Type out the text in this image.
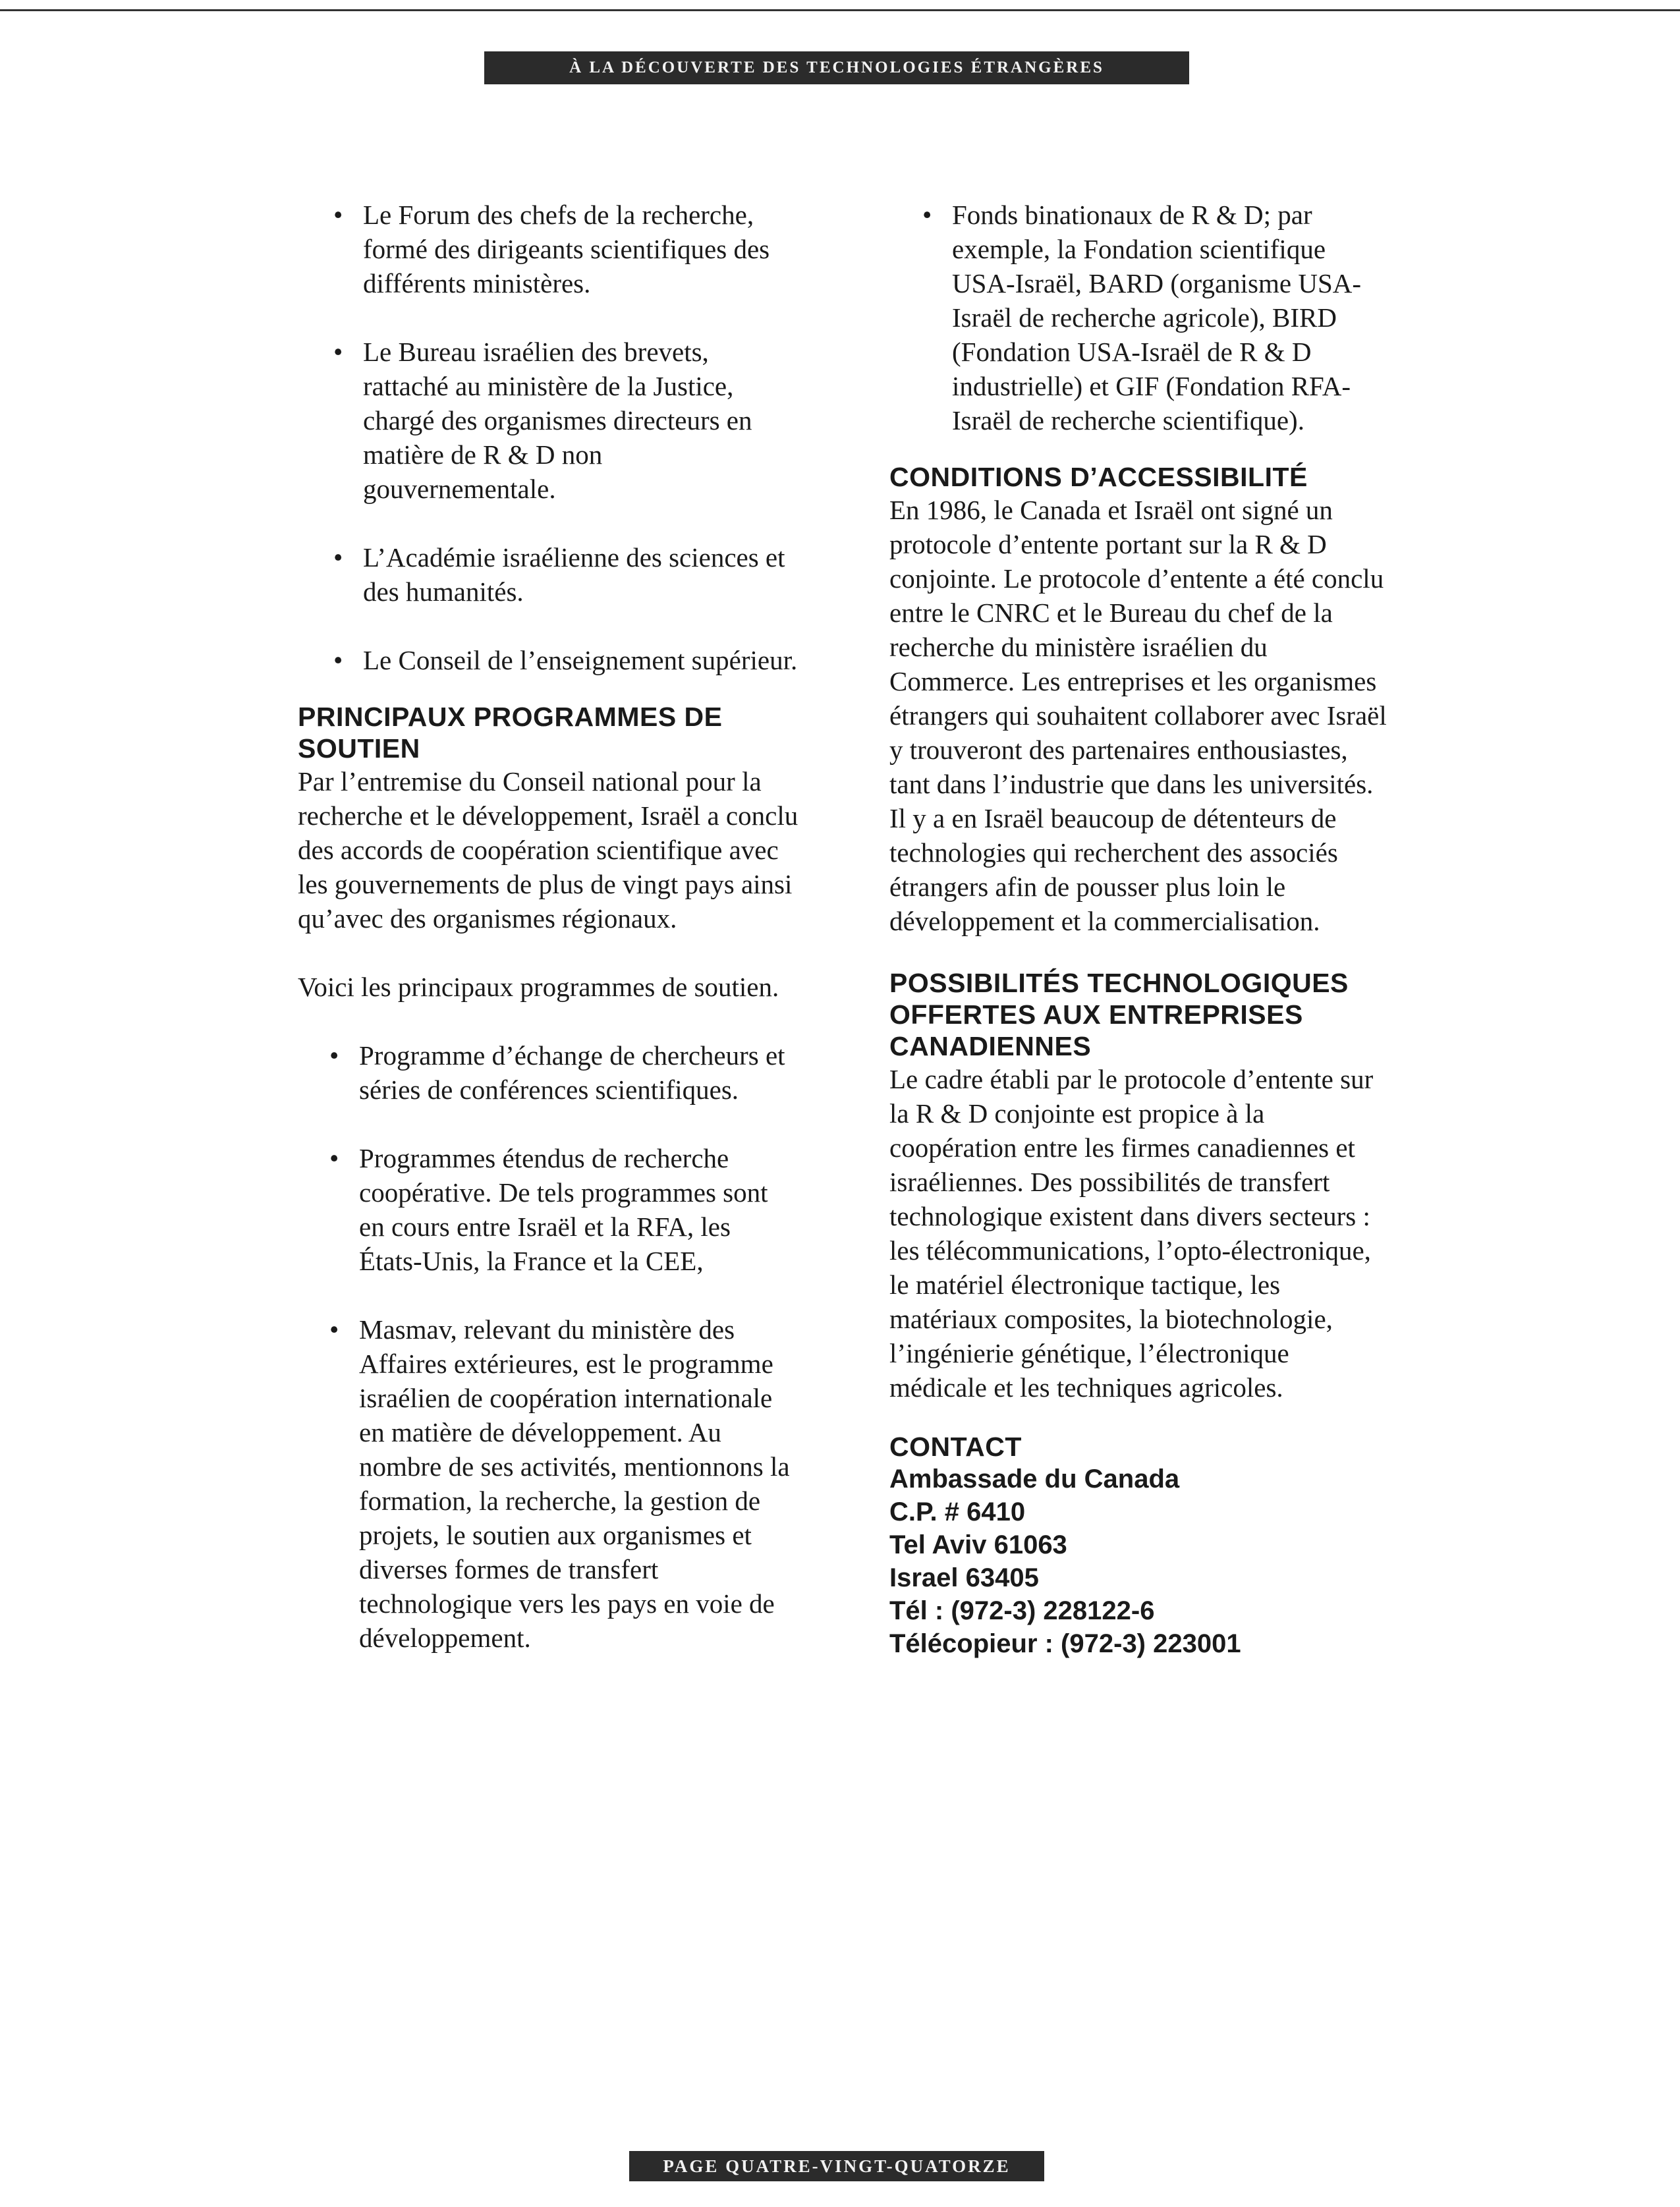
À LA DÉCOUVERTE DES TECHNOLOGIES ÉTRANGÈRES
• Le Forum des chefs de la recherche, formé des dirigeants scientifiques des différents ministères.
• Le Bureau israélien des brevets, rattaché au ministère de la Justice, chargé des organismes directeurs en matière de R & D non gouvernementale.
• L’Académie israélienne des sciences et des humanités.
• Le Conseil de l’enseignement supérieur.
PRINCIPAUX PROGRAMMES DE SOUTIEN

Par l’entremise du Conseil national pour la recherche et le développement, Israël a conclu des accords de coopération scientifique avec les gouvernements de plus de vingt pays ainsi qu’avec des organismes régionaux.

Voici les principaux programmes de soutien.

• Programme d’échange de chercheurs et séries de conférences scientifiques.
• Programmes étendus de recherche coopérative. De tels programmes sont en cours entre Israël et la RFA, les États-Unis, la France et la CEE,
• Masmav, relevant du ministère des Affaires extérieures, est le programme israélien de coopération internationale en matière de développement. Au nombre de ses activités, mentionnons la formation, la recherche, la gestion de projets, le soutien aux organismes et diverses formes de transfert technologique vers les pays en voie de développement.
• Fonds binationaux de R & D; par exemple, la Fondation scientifique USA-Israël, BARD (organisme USA-Israël de recherche agricole), BIRD (Fondation USA-Israël de R & D industrielle) et GIF (Fondation RFA-Israël de recherche scientifique).
CONDITIONS D’ACCESSIBILITÉ

En 1986, le Canada et Israël ont signé un protocole d’entente portant sur la R & D conjointe. Le protocole d’entente a été conclu entre le CNRC et le Bureau du chef de la recherche du ministère israélien du Commerce. Les entreprises et les organismes étrangers qui souhaitent collaborer avec Israël y trouveront des partenaires enthousiastes, tant dans l’industrie que dans les universités. Il y a en Israël beaucoup de détenteurs de technologies qui recherchent des associés étrangers afin de pousser plus loin le développement et la commercialisation.

POSSIBILITÉS TECHNOLOGIQUES OFFERTES AUX ENTREPRISES CANADIENNES

Le cadre établi par le protocole d’entente sur la R & D conjointe est propice à la coopération entre les firmes canadiennes et israéliennes. Des possibilités de transfert technologique existent dans divers secteurs : les télécommunications, l’opto-électronique, le matériel électronique tactique, les matériaux composites, la biotechnologie, l’ingénierie génétique, l’électronique médicale et les techniques agricoles.

CONTACT
Ambassade du Canada
C.P. # 6410
Tel Aviv 61063
Israel 63405
Tél : (972-3) 228122-6
Télécopieur : (972-3) 223001
PAGE QUATRE-VINGT-QUATORZE
